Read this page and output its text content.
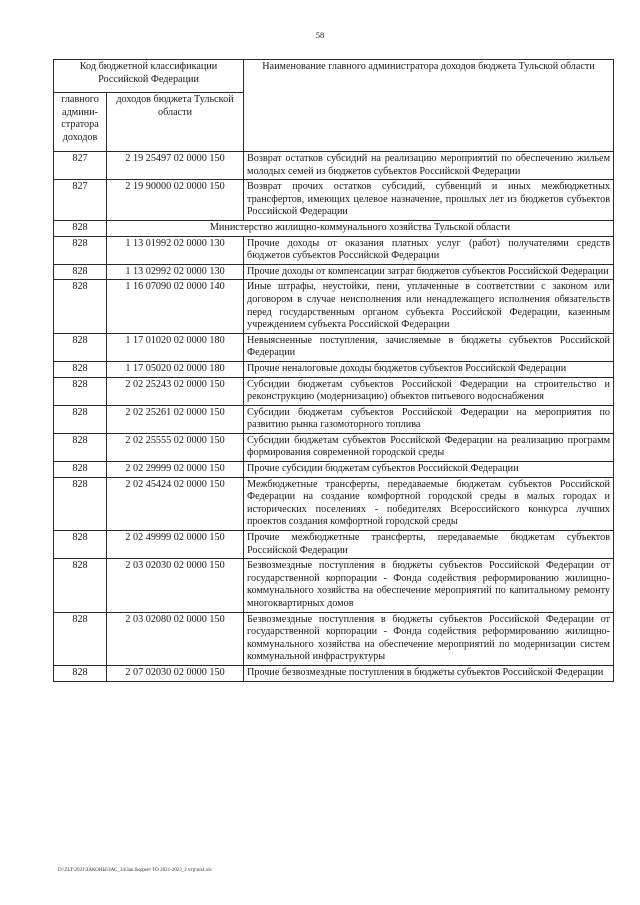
58
Код бюджетной классификации Российской Федерации		Наименование главного администратора доходов бюджета Тульской области
главного админи-стратора доходов	доходов бюджета Тульской области	
827	2 19 25497 02 0000 150	Возврат остатков субсидий на реализацию мероприятий по обеспечению жильем молодых семей из бюджетов субъектов Российской Федерации
827	2 19 90000 02 0000 150	Возврат прочих остатков субсидий, субвенций и иных межбюджетных трансфертов, имеющих целевое назначение, прошлых лет из бюджетов субъектов Российской Федерации
828	Министерство жилищно-коммунального хозяйства Тульской области	
828	1 13 01992 02 0000 130	Прочие доходы от оказания платных услуг (работ) получателями средств бюджетов субъектов Российской Федерации
828	1 13 02992 02 0000 130	Прочие доходы от компенсации затрат бюджетов субъектов Российской Федерации
828	1 16 07090 02 0000 140	Иные штрафы, неустойки, пени, уплаченные в соответствии с законом или договором в случае неисполнения или ненадлежащего исполнения обязательств перед государственным органом субъекта Российской Федерации, казенным учреждением субъекта Российской Федерации
828	1 17 01020 02 0000 180	Невыясненные поступления, зачисляемые в бюджеты субъектов Российской Федерации
828	1 17 05020 02 0000 180	Прочие неналоговые доходы бюджетов субъектов Российской Федерации
828	2 02 25243 02 0000 150	Субсидии бюджетам субъектов Российской Федерации на строительство и реконструкцию (модернизацию) объектов питьевого водоснабжения
828	2 02 25261 02 0000 150	Субсидии бюджетам субъектов Российской Федерации на мероприятия по развитию рынка газомоторного топлива
828	2 02 25555 02 0000 150	Субсидии бюджетам субъектов Российской Федерации на реализацию программ формирования современной городской среды
828	2 02 29999 02 0000 150	Прочие субсидии бюджетам субъектов Российской Федерации
828	2 02 45424 02 0000 150	Межбюджетные трансферты, передаваемые бюджетам субъектов Российской Федерации на создание комфортной городской среды в малых городах и исторических поселениях - победителях Всероссийского конкурса лучших проектов создания комфортной городской среды
828	2 02 49999 02 0000 150	Прочие межбюджетные трансферты, передаваемые бюджетам субъектов Российской Федерации
828	2 03 02030 02 0000 150	Безвозмездные поступления в бюджеты субъектов Российской Федерации от государственной корпорации - Фонда содействия реформированию жилищно-коммунального хозяйства на обеспечение мероприятий по капитальному ремонту многоквартирных домов
828	2 03 02080 02 0000 150	Безвозмездные поступления в бюджеты субъектов Российской Федерации от государственной корпорации - Фонда содействия реформированию жилищно-коммунального хозяйства на обеспечение мероприятий по модернизации систем коммунальной инфраструктуры
828	2 07 02030 02 0000 150	Прочие безвозмездные поступления в бюджеты субъектов Российской Федерации
D:\ZLT\2021\ЗАКОНЫ\ЗАС_34\Зак.бюджет ТО 2021-2023_2 чтр\пп4.xls
